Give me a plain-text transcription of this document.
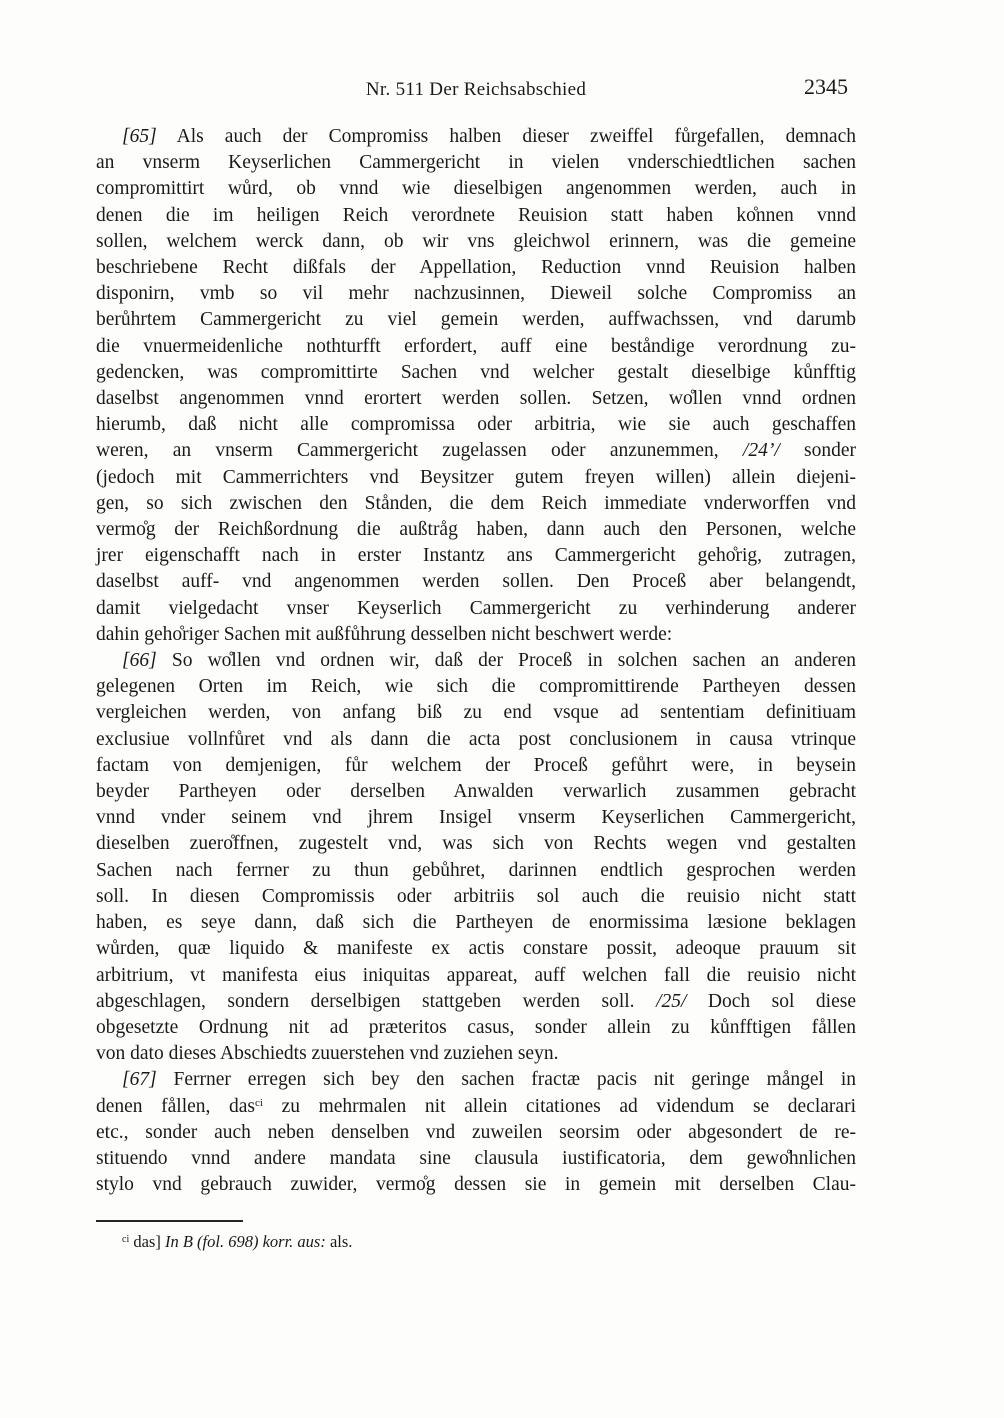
Nr. 511 Der Reichsabschied	2345
[65] Als auch der Compromiss halben dieser zweiffel fůrgefallen, demnach
an vnserm Keyserlichen Cammergericht in vielen vnderschiedtlichen sachen
compromittirt wůrd, ob vnnd wie dieselbigen angenommen werden, auch in
denen die im heiligen Reich verordnete Reuision statt haben ko̊nnen vnnd
sollen, welchem werck dann, ob wir vns gleichwol erinnern, was die gemeine
beschriebene Recht dißfals der Appellation, Reduction vnnd Reuision halben
disponirn, vmb so vil mehr nachzusinnen, Dieweil solche Compromiss an
berůhrtem Cammergericht zu viel gemein werden, auffwachssen, vnd darumb
die vnuermeidenliche nothturfft erfordert, auff eine beståndige verordnung zu-
gedencken, was compromittirte Sachen vnd welcher gestalt dieselbige kůnfftig
daselbst angenommen vnnd erortert werden sollen. Setzen, wo̊llen vnnd ordnen
hierumb, daß nicht alle compromissa oder arbitria, wie sie auch geschaffen
weren, an vnserm Cammergericht zugelassen oder anzunemmen, /24’/ sonder
(jedoch mit Cammerrichters vnd Beysitzer gutem freyen willen) allein diejeni-
gen, so sich zwischen den Stånden, die dem Reich immediate vnderworffen vnd
vermo̊g der Reichßordnung die außtråg haben, dann auch den Personen, welche
jrer eigenschafft nach in erster Instantz ans Cammergericht geho̊rig, zutragen,
daselbst auff- vnd angenommen werden sollen. Den Proceß aber belangendt,
damit vielgedacht vnser Keyserlich Cammergericht zu verhinderung anderer
dahin geho̊riger Sachen mit außfůhrung desselben nicht beschwert werde:
[66] So wo̊llen vnd ordnen wir, daß der Proceß in solchen sachen an anderen
gelegenen Orten im Reich, wie sich die compromittirende Partheyen dessen
vergleichen werden, von anfang biß zu end vsque ad sententiam definitiuam
exclusiue vollnfůret vnd als dann die acta post conclusionem in causa vtrinque
factam von demjenigen, fůr welchem der Proceß gefůhrt were, in beysein
beyder Partheyen oder derselben Anwalden verwarlich zusammen gebracht
vnnd vnder seinem vnd jhrem Insigel vnserm Keyserlichen Cammergericht,
dieselben zuero̊ffnen, zugestelt vnd, was sich von Rechts wegen vnd gestalten
Sachen nach ferrner zu thun gebůhret, darinnen endtlich gesprochen werden
soll. In diesen Compromissis oder arbitriis sol auch die reuisio nicht statt
haben, es seye dann, daß sich die Partheyen de enormissima læsione beklagen
wůrden, quæ liquido & manifeste ex actis constare possit, adeoque prauum sit
arbitrium, vt manifesta eius iniquitas appareat, auff welchen fall die reuisio nicht
abgeschlagen, sondern derselbigen stattgeben werden soll. /25/ Doch sol diese
obgesetzte Ordnung nit ad præteritos casus, sonder allein zu kůnfftigen fållen
von dato dieses Abschiedts zuuerstehen vnd zuziehen seyn.
[67] Ferrner erregen sich bey den sachen fractæ pacis nit geringe mångel in
denen fållen, das$^{ci}$ zu mehrmalen nit allein citationes ad videndum se declarari
etc., sonder auch neben denselben vnd zuweilen seorsim oder abgesondert de re-
stituendo vnnd andere mandata sine clausula iustificatoria, dem gewo̊hnlichen
stylo vnd gebrauch zuwider, vermo̊g dessen sie in gemein mit derselben Clau-
$^{ci}$ das] In B (fol. 698) korr. aus: als.
